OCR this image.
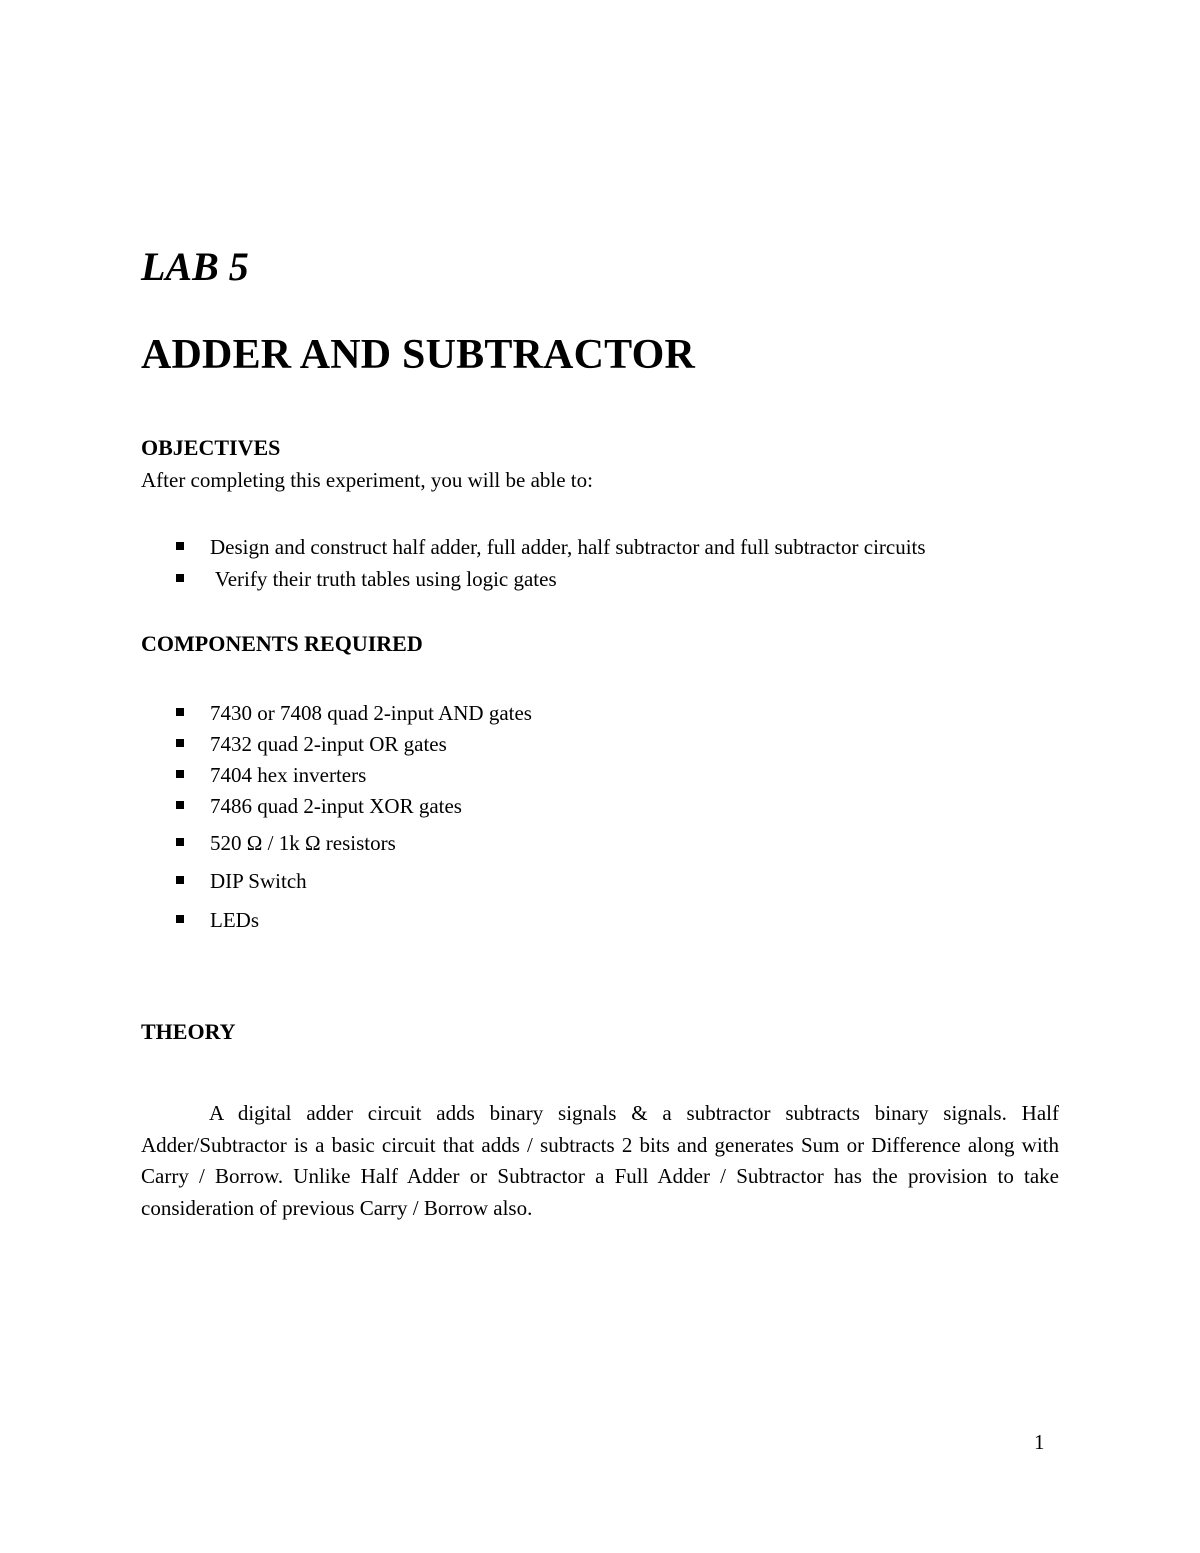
LAB 5
ADDER AND SUBTRACTOR
OBJECTIVES
After completing this experiment, you will be able to:
Design and construct half adder, full adder, half subtractor and full subtractor circuits
Verify their truth tables using logic gates
COMPONENTS REQUIRED
7430 or 7408 quad 2-input AND gates
7432 quad 2-input OR gates
7404 hex inverters
7486 quad 2-input XOR gates
520 Ω / 1k Ω resistors
DIP Switch
LEDs
THEORY

A digital adder circuit adds binary signals & a subtractor subtracts binary signals. Half Adder/Subtractor is a basic circuit that adds / subtracts 2 bits and generates Sum or Difference along with Carry / Borrow. Unlike Half Adder or Subtractor a Full Adder / Subtractor has the provision to take consideration of previous Carry / Borrow also.

1
